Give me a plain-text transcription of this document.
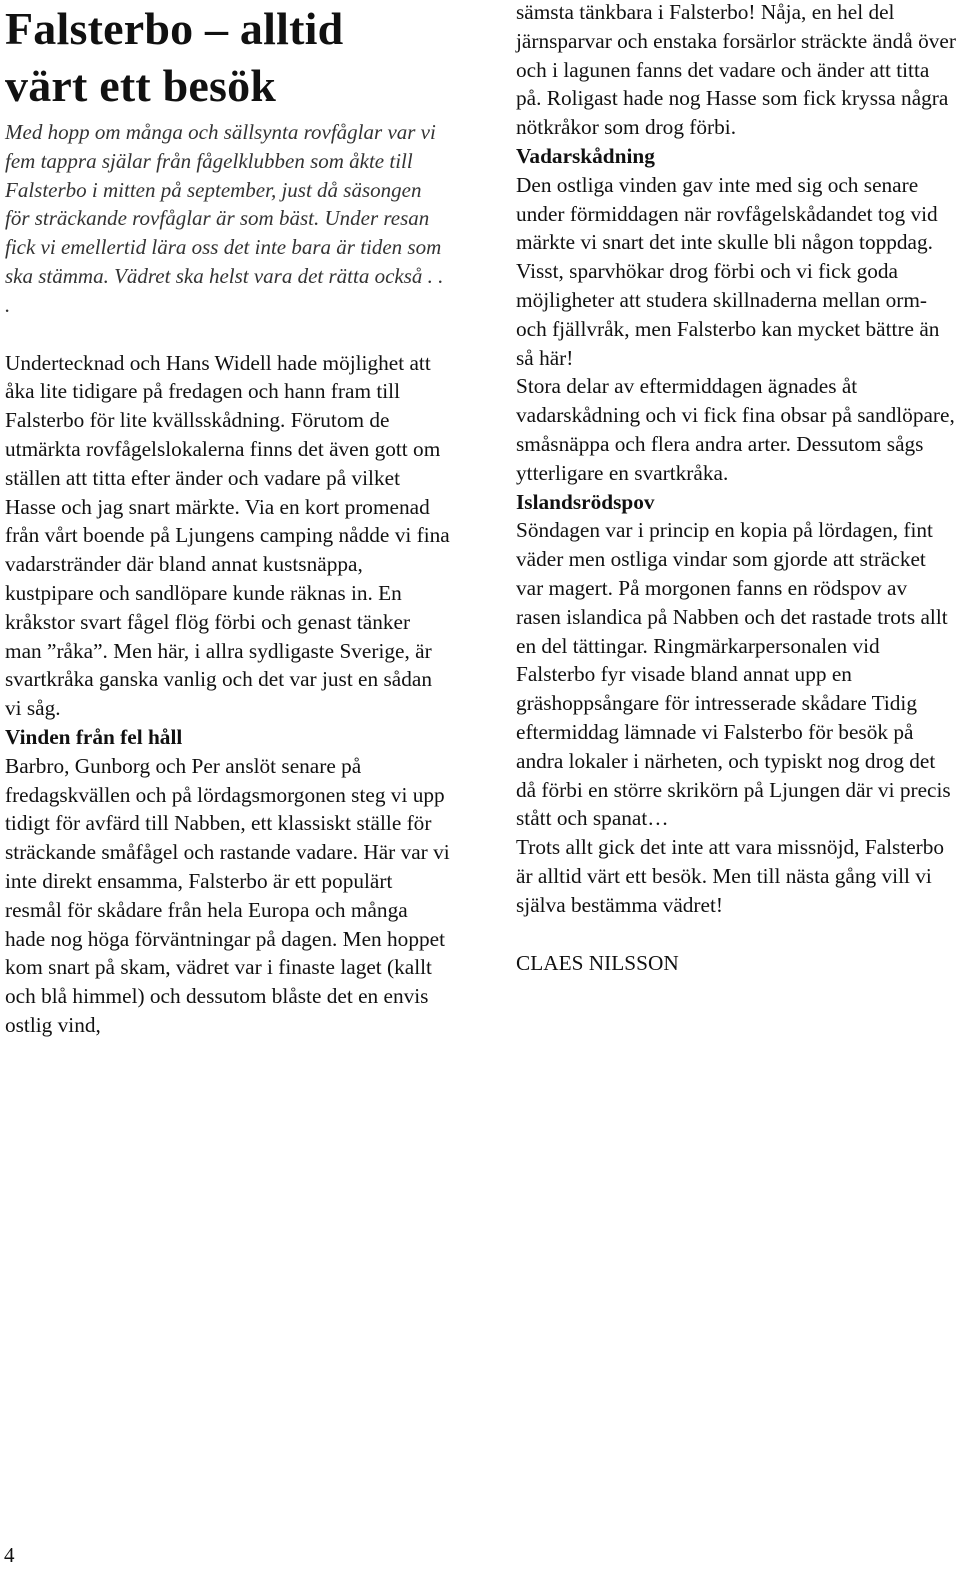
Falsterbo – alltid
värt ett besök

Med hopp om många och sällsynta rovfåglar var vi fem tappra själar från fågelklubben som åkte till Falsterbo i mitten på september, just då säsongen för sträckande rovfåglar är som bäst. Under resan fick vi emellertid lära oss det inte bara är tiden som ska stämma. Vädret ska helst vara det rätta också . . .

Undertecknad och Hans Widell hade möjlighet att åka lite tidigare på fredagen och hann fram till Falsterbo för lite kvällsskådning. Förutom de utmärkta rovfågelslokalerna finns det även gott om ställen att titta efter änder och vadare på vilket Hasse och jag snart märkte. Via en kort promenad från vårt boende på Ljungens camping nådde vi fina vadarstränder där bland annat kustsnäppa, kustpipare och sandlöpare kunde räknas in. En kråkstor svart fågel flög förbi och genast tänker man ”råka”. Men här, i allra sydligaste Sverige, är svartkråka ganska vanlig och det var just en sådan vi såg.

Vinden från fel håll

Barbro, Gunborg och Per anslöt senare på fredagskvällen och på lördagsmorgonen steg vi upp tidigt för avfärd till Nabben, ett klassiskt ställe för sträckande småfågel och rastande vadare. Här var vi inte direkt ensamma, Falsterbo är ett populärt resmål för skådare från hela Europa och många hade nog höga förväntningar på dagen. Men hoppet kom snart på skam, vädret var i finaste laget (kallt och blå himmel) och dessutom blåste det en envis ostlig vind,

sämsta tänkbara i Falsterbo! Nåja, en hel del järnsparvar och enstaka forsärlor sträckte ändå över och i lagunen fanns det vadare och änder att titta på. Roligast hade nog Hasse som fick kryssa några nötkråkor som drog förbi.

Vadarskådning

Den ostliga vinden gav inte med sig och senare under förmiddagen när rovfågelskådandet tog vid märkte vi snart det inte skulle bli någon toppdag. Visst, sparvhökar drog förbi och vi fick goda möjligheter att studera skillnaderna mellan orm- och fjällvråk, men Falsterbo kan mycket bättre än så här!

Stora delar av eftermiddagen ägnades åt vadarskådning och vi fick fina obsar på sandlöpare, småsnäppa och flera andra arter. Dessutom sågs ytterligare en svartkråka.

Islandsrödspov

Söndagen var i princip en kopia på lördagen, fint väder men ostliga vindar som gjorde att sträcket var magert. På morgonen fanns en rödspov av rasen islandica på Nabben och det rastade trots allt en del tättingar. Ringmärkarpersonalen vid Falsterbo fyr visade bland annat upp en gräshoppsångare för intresserade skådare Tidig eftermiddag lämnade vi Falsterbo för besök på andra lokaler i närheten, och typiskt nog drog det då förbi en större skrikörn på Ljungen där vi precis stått och spanat…

Trots allt gick det inte att vara missnöjd, Falsterbo är alltid värt ett besök. Men till nästa gång vill vi själva bestämma vädret!

CLAES NILSSON

4
